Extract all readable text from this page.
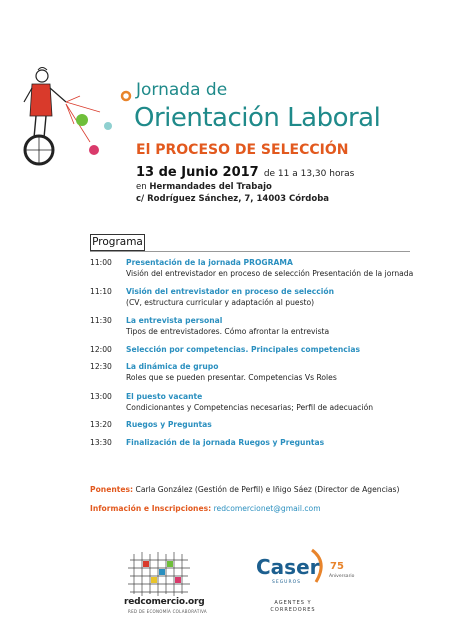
Jornada de
Orientación Laboral
El PROCESO DE SELECCIÓN
13 de Junio 2017 de 11 a 13,30 horas
en Hermandades del Trabajo
c/ Rodríguez Sánchez, 7, 14003 Córdoba
Programa
11:00 Presentación de la jornada PROGRAMA
Visión del entrevistador en proceso de selección Presentación de la jornada
11:10 Visión del entrevistador en proceso de selección
(CV, estructura curricular y adaptación al puesto)
11:30 La entrevista personal
Tipos de entrevistadores. Cómo afrontar la entrevista
12:00 Selección por competencias. Principales competencias
12:30 La dinámica de grupo
Roles que se pueden presentar. Competencias Vs Roles
13:00 El puesto vacante
Condicionantes y Competencias necesarias; Perfil de adecuación
13:20 Ruegos y Preguntas
13:30 Finalización de la jornada Ruegos y Preguntas
Ponentes: Carla González (Gestión de Perfil) e Iñigo Sáez (Director de Agencias)
Información e Inscripciones: redcomercionet@gmail.com
redcomercio.org
RED DE ECONOMÍA COLABORATIVA
Caser
SEGUROS
75
Aniversario
AGENTES Y CORREDORES
